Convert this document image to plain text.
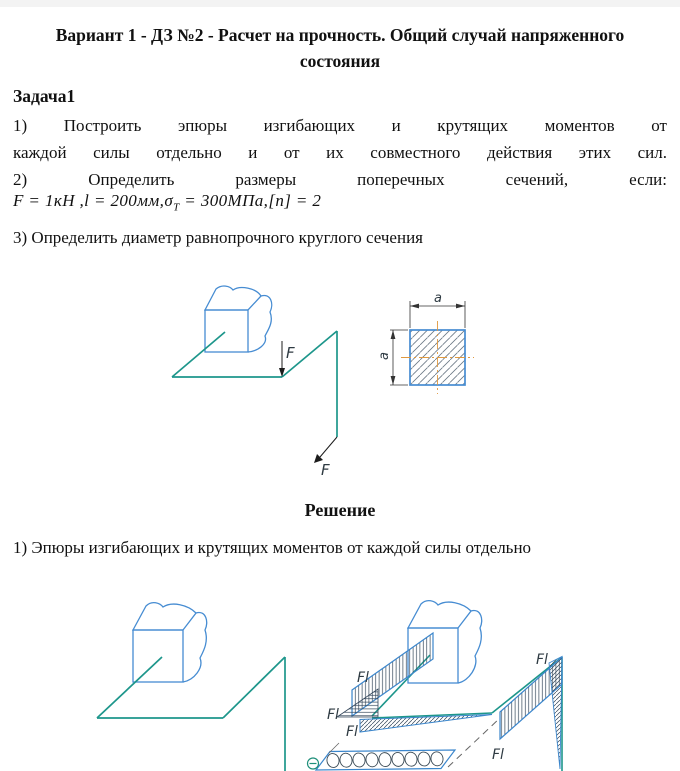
Вариант 1 - ДЗ №2 - Расчет на прочность. Общий случай напряженного
состояния
Задача1
1) Построить эпюры изгибающих и крутящих моментов от
каждой силы отдельно и от их совместного действия этих сил.
2) Определить размеры поперечных сечений, если:
F = 1кН $,l = 200мм,\sigma_Т = 300МПа,[n] = 2$
3) Определить диаметр равнопрочного круглого сечения
Решение
1) Эпюры изгибающих и крутящих моментов от каждой силы отдельно
F
F
a
a
Fl
Fl
Fl
Fl
Fl
